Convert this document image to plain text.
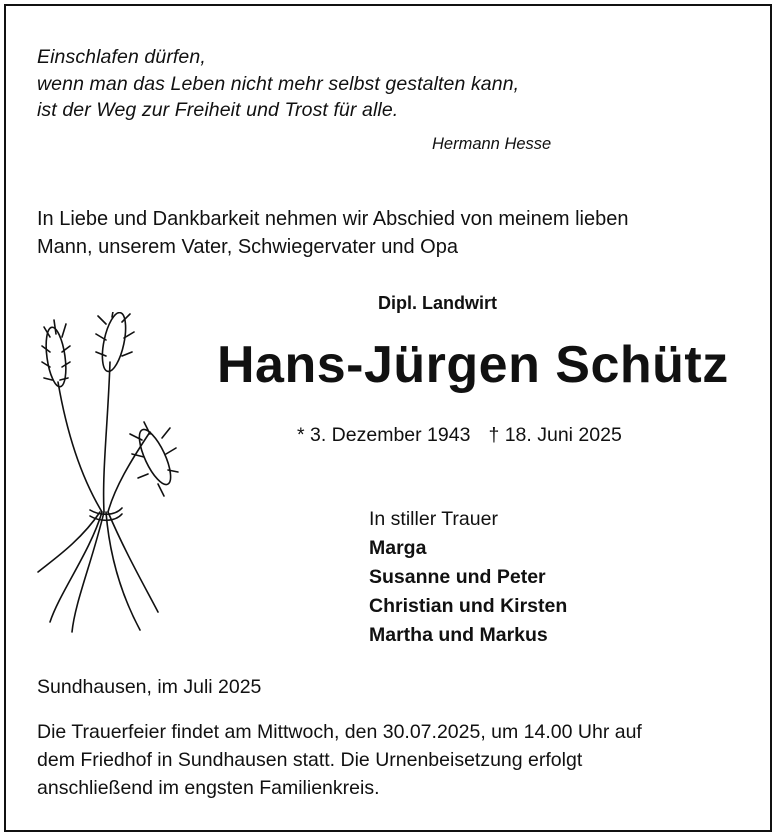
Einschlafen dürfen,
wenn man das Leben nicht mehr selbst gestalten kann,
ist der Weg zur Freiheit und Trost für alle.
Hermann Hesse
In Liebe und Dankbarkeit nehmen wir Abschied von meinem lieben
Mann, unserem Vater, Schwiegervater und Opa
Dipl. Landwirt
Hans-Jürgen Schütz
* 3. Dezember 1943 † 18. Juni 2025
In stiller Trauer
Marga
Susanne und Peter
Christian und Kirsten
Martha und Markus
Sundhausen, im Juli 2025
Die Trauerfeier findet am Mittwoch, den 30.07.2025, um 14.00 Uhr auf
dem Friedhof in Sundhausen statt. Die Urnenbeisetzung erfolgt
anschließend im engsten Familienkreis.
